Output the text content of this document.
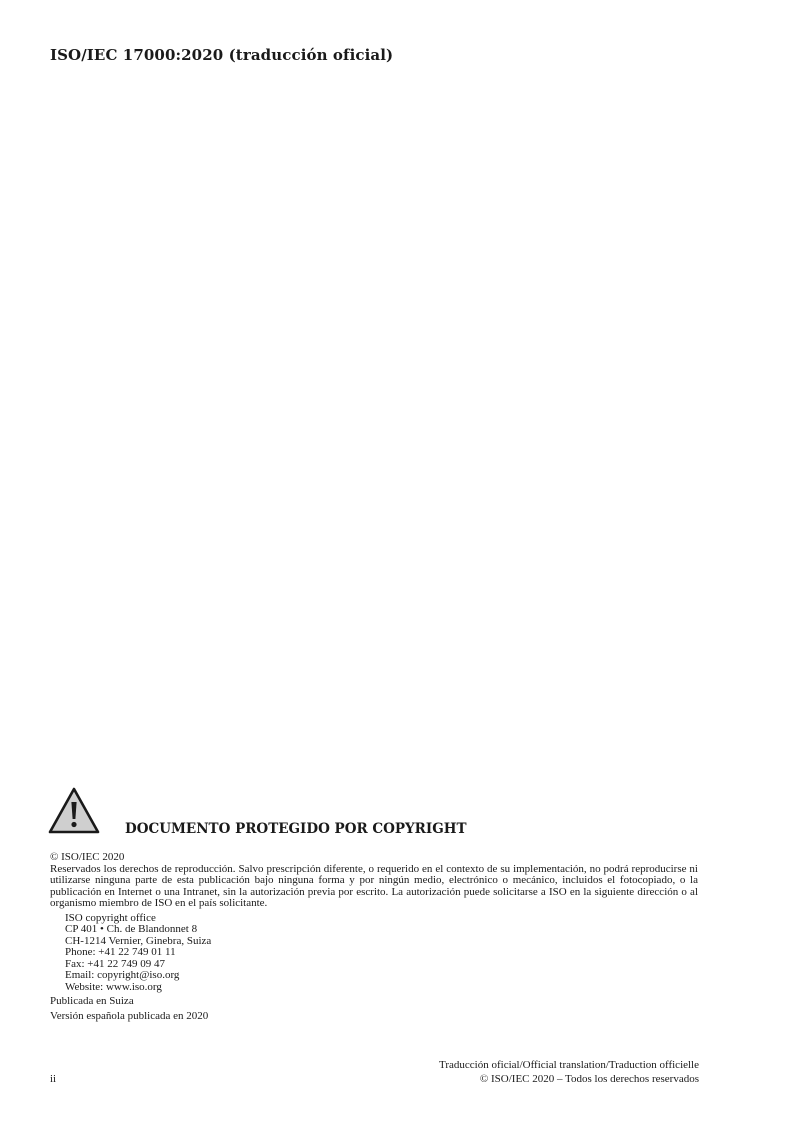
ISO/IEC 17000:2020 (traducción oficial)
DOCUMENTO PROTEGIDO POR COPYRIGHT
© ISO/IEC 2020
Reservados los derechos de reproducción. Salvo prescripción diferente, o requerido en el contexto de su implementación, no podrá reproducirse ni utilizarse ninguna parte de esta publicación bajo ninguna forma y por ningún medio, electrónico o mecánico, incluidos el fotocopiado, o la publicación en Internet o una Intranet, sin la autorización previa por escrito. La autorización puede solicitarse a ISO en la siguiente dirección o al organismo miembro de ISO en el país solicitante.
ISO copyright office
CP 401 • Ch. de Blandonnet 8
CH-1214 Vernier, Ginebra, Suiza
Phone: +41 22 749 01 11
Fax: +41 22 749 09 47
Email: copyright@iso.org
Website: www.iso.org
Publicada en Suiza
Versión española publicada en 2020
Traducción oficial/Official translation/Traduction officielle
© ISO/IEC 2020 – Todos los derechos reservados
ii
